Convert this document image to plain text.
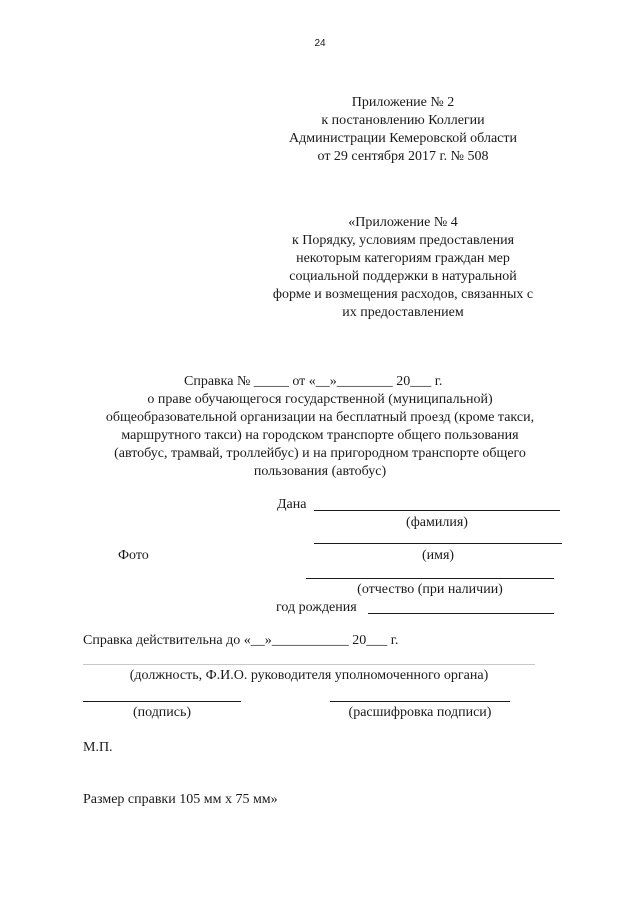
24
Приложение № 2
к постановлению Коллегии
Администрации Кемеровской области
от 29 сентября 2017 г. № 508
«Приложение № 4
к Порядку, условиям предоставления
некоторым категориям граждан мер
социальной поддержки в натуральной
форме и возмещения расходов, связанных с
их предоставлением
Справка № _____ от «__»________ 20___ г.
о праве обучающегося государственной (муниципальной)
общеобразовательной организации на бесплатный проезд (кроме такси,
маршрутного такси) на городском транспорте общего пользования
(автобус, трамвай, троллейбус) и на пригородном транспорте общего
пользования (автобус)
Дана
(фамилия)
Фото	(имя)
(отчество (при наличии)
год рождения
Справка действительна до «__»___________ 20___ г.
(должность, Ф.И.О. руководителя уполномоченного органа)
(подпись)	(расшифровка подписи)
М.П.
Размер справки 105 мм х 75 мм»
